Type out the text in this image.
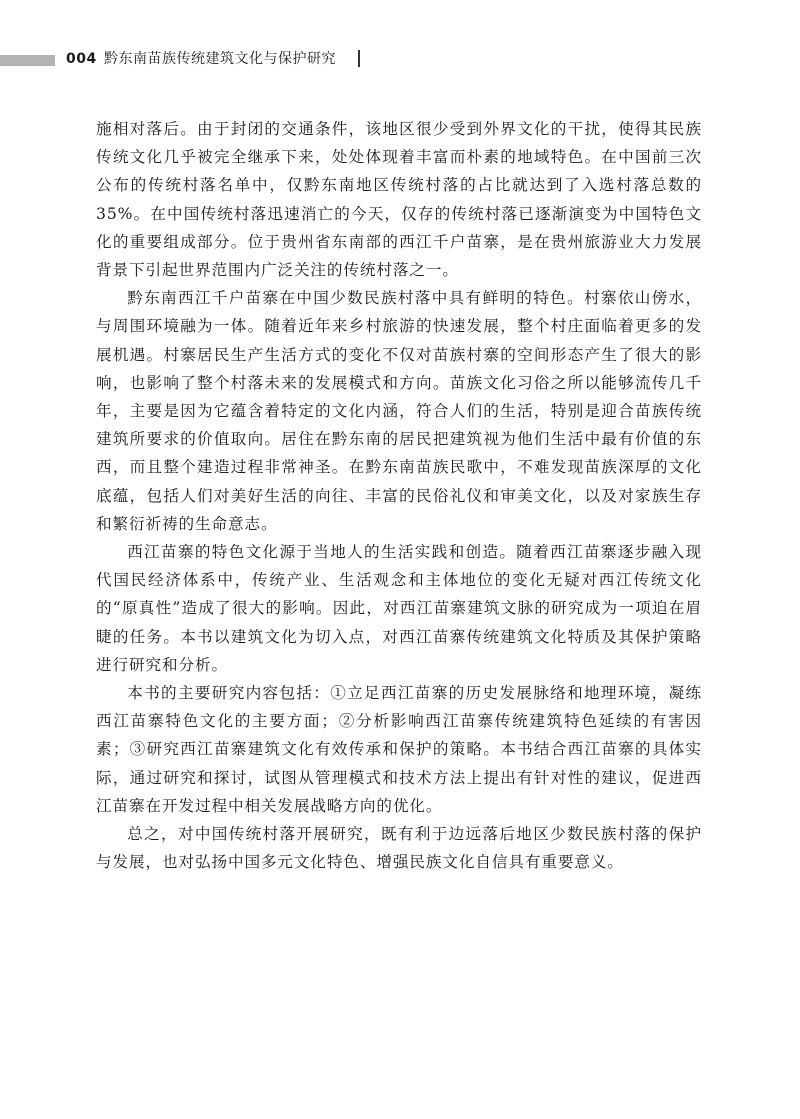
004 黔东南苗族传统建筑文化与保护研究

施相对落后。由于封闭的交通条件，该地区很少受到外界文化的干扰，使得其民族传统文化几乎被完全继承下来，处处体现着丰富而朴素的地域特色。在中国前三次公布的传统村落名单中，仅黔东南地区传统村落的占比就达到了入选村落总数的35%。在中国传统村落迅速消亡的今天，仅存的传统村落已逐渐演变为中国特色文化的重要组成部分。位于贵州省东南部的西江千户苗寨，是在贵州旅游业大力发展背景下引起世界范围内广泛关注的传统村落之一。

黔东南西江千户苗寨在中国少数民族村落中具有鲜明的特色。村寨依山傍水，与周围环境融为一体。随着近年来乡村旅游的快速发展，整个村庄面临着更多的发展机遇。村寨居民生产生活方式的变化不仅对苗族村寨的空间形态产生了很大的影响，也影响了整个村落未来的发展模式和方向。苗族文化习俗之所以能够流传几千年，主要是因为它蕴含着特定的文化内涵，符合人们的生活，特别是迎合苗族传统建筑所要求的价值取向。居住在黔东南的居民把建筑视为他们生活中最有价值的东西，而且整个建造过程非常神圣。在黔东南苗族民歌中，不难发现苗族深厚的文化底蕴，包括人们对美好生活的向往、丰富的民俗礼仪和审美文化，以及对家族生存和繁衍祈祷的生命意志。

西江苗寨的特色文化源于当地人的生活实践和创造。随着西江苗寨逐步融入现代国民经济体系中，传统产业、生活观念和主体地位的变化无疑对西江传统文化的“原真性”造成了很大的影响。因此，对西江苗寨建筑文脉的研究成为一项迫在眉睫的任务。本书以建筑文化为切入点，对西江苗寨传统建筑文化特质及其保护策略进行研究和分析。

本书的主要研究内容包括：①立足西江苗寨的历史发展脉络和地理环境，凝练西江苗寨特色文化的主要方面；②分析影响西江苗寨传统建筑特色延续的有害因素；③研究西江苗寨建筑文化有效传承和保护的策略。本书结合西江苗寨的具体实际，通过研究和探讨，试图从管理模式和技术方法上提出有针对性的建议，促进西江苗寨在开发过程中相关发展战略方向的优化。

总之，对中国传统村落开展研究，既有利于边远落后地区少数民族村落的保护与发展，也对弘扬中国多元文化特色、增强民族文化自信具有重要意义。
